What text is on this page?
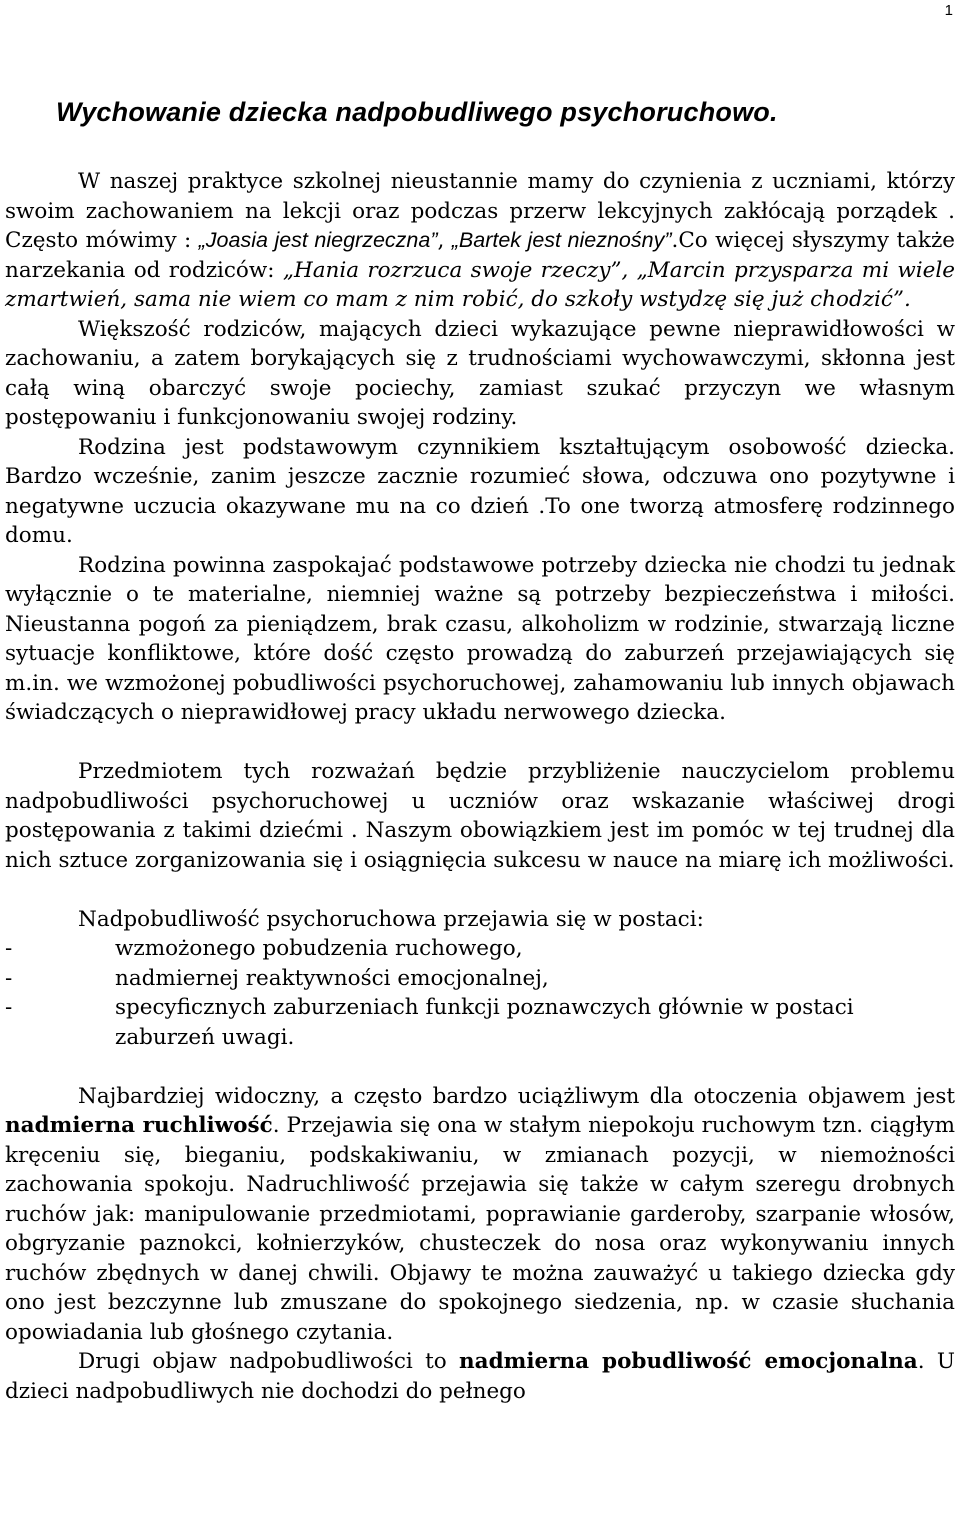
1
Wychowanie dziecka nadpobudliwego psychoruchowo.

W naszej praktyce szkolnej nieustannie mamy do czynienia z uczniami, którzy swoim zachowaniem na lekcji oraz podczas przerw lekcyjnych zakłócają porządek . Często mówimy : „Joasia jest niegrzeczna”, „Bartek jest nieznośny”.Co więcej słyszymy także narzekania od rodziców: „Hania rozrzuca swoje rzeczy”, „Marcin przysparza mi wiele zmartwień, sama nie wiem co mam z nim robić, do szkoły wstydzę się już chodzić”.

Większość rodziców, mających dzieci wykazujące pewne nieprawidłowości w zachowaniu, a zatem borykających się z trudnościami wychowawczymi, skłonna jest całą winą obarczyć swoje pociechy, zamiast szukać przyczyn we własnym postępowaniu i funkcjonowaniu swojej rodziny.

Rodzina jest podstawowym czynnikiem kształtującym osobowość dziecka. Bardzo wcześnie, zanim jeszcze zacznie rozumieć słowa, odczuwa ono pozytywne i negatywne uczucia okazywane mu na co dzień .To one tworzą atmosferę rodzinnego domu.

Rodzina powinna zaspokajać podstawowe potrzeby dziecka nie chodzi tu jednak wyłącznie o te materialne, niemniej ważne są potrzeby bezpieczeństwa i miłości. Nieustanna pogoń za pieniądzem, brak czasu, alkoholizm w rodzinie, stwarzają liczne sytuacje konfliktowe, które dość często prowadzą do zaburzeń przejawiających się m.in. we wzmożonej pobudliwości psychoruchowej, zahamowaniu lub innych objawach świadczących o nieprawidłowej pracy układu nerwowego dziecka.

Przedmiotem tych rozważań będzie przybliżenie nauczycielom problemu nadpobudliwości psychoruchowej u uczniów oraz wskazanie właściwej drogi postępowania z takimi dziećmi . Naszym obowiązkiem jest im pomóc w tej trudnej dla nich sztuce zorganizowania się i osiągnięcia sukcesu w nauce na miarę ich możliwości.

Nadpobudliwość psychoruchowa przejawia się w postaci:

-	wzmożonego pobudzenia ruchowego,
-	nadmiernej reaktywności emocjonalnej,
-	specyficznych zaburzeniach funkcji poznawczych głównie w postaci zaburzeń uwagi.

Najbardziej widoczny, a często bardzo uciążliwym dla otoczenia objawem jest nadmierna ruchliwość. Przejawia się ona w stałym niepokoju ruchowym tzn. ciągłym kręceniu się, bieganiu, podskakiwaniu, w zmianach pozycji, w niemożności zachowania spokoju. Nadruchliwość przejawia się także w całym szeregu drobnych ruchów jak: manipulowanie przedmiotami, poprawianie garderoby, szarpanie włosów, obgryzanie paznokci, kołnierzyków, chusteczek do nosa oraz wykonywaniu innych ruchów zbędnych w danej chwili. Objawy te można zauważyć u takiego dziecka gdy ono jest bezczynne lub zmuszane do spokojnego siedzenia, np. w czasie słuchania opowiadania lub głośnego czytania.

Drugi objaw nadpobudliwości to nadmierna pobudliwość emocjonalna. U dzieci nadpobudliwych nie dochodzi do pełnego
